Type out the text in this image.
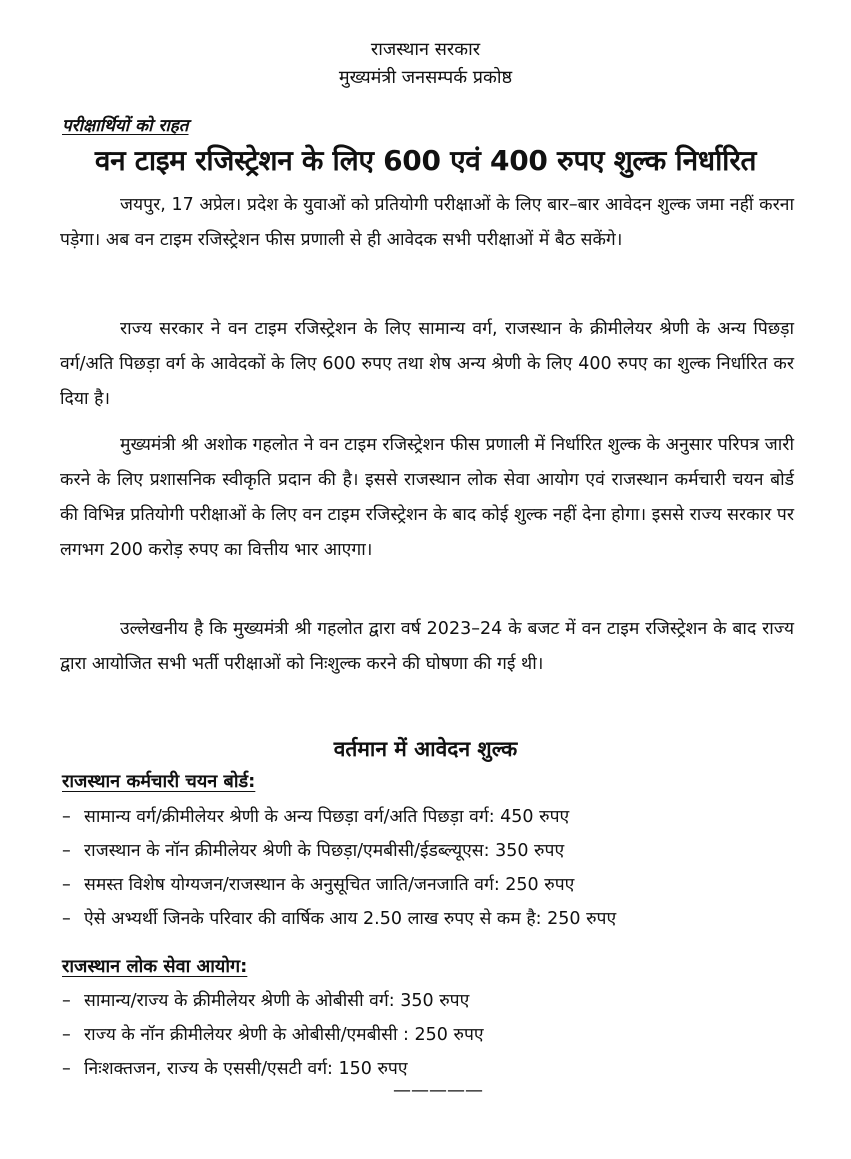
राजस्थान सरकार
मुख्यमंत्री जनसम्पर्क प्रकोष्ठ
परीक्षार्थियों को राहत
वन टाइम रजिस्ट्रेशन के लिए 600 एवं 400 रुपए शुल्क निर्धारित

जयपुर, 17 अप्रेल। प्रदेश के युवाओं को प्रतियोगी परीक्षाओं के लिए बार–बार आवेदन शुल्क जमा नहीं करना पड़ेगा। अब वन टाइम रजिस्ट्रेशन फीस प्रणाली से ही आवेदक सभी परीक्षाओं में बैठ सकेंगे।

राज्य सरकार ने वन टाइम रजिस्ट्रेशन के लिए सामान्य वर्ग, राजस्थान के क्रीमीलेयर श्रेणी के अन्य पिछड़ा वर्ग/अति पिछड़ा वर्ग के आवेदकों के लिए 600 रुपए तथा शेष अन्य श्रेणी के लिए 400 रुपए का शुल्क निर्धारित कर दिया है।

मुख्यमंत्री श्री अशोक गहलोत ने वन टाइम रजिस्ट्रेशन फीस प्रणाली में निर्धारित शुल्क के अनुसार परिपत्र जारी करने के लिए प्रशासनिक स्वीकृति प्रदान की है। इससे राजस्थान लोक सेवा आयोग एवं राजस्थान कर्मचारी चयन बोर्ड की विभिन्न प्रतियोगी परीक्षाओं के लिए वन टाइम रजिस्ट्रेशन के बाद कोई शुल्क नहीं देना होगा। इससे राज्य सरकार पर लगभग 200 करोड़ रुपए का वित्तीय भार आएगा।

उल्लेखनीय है कि मुख्यमंत्री श्री गहलोत द्वारा वर्ष 2023–24 के बजट में वन टाइम रजिस्ट्रेशन के बाद राज्य द्वारा आयोजित सभी भर्ती परीक्षाओं को निःशुल्क करने की घोषणा की गई थी।

वर्तमान में आवेदन शुल्क
राजस्थान कर्मचारी चयन बोर्ड:
– सामान्य वर्ग/क्रीमीलेयर श्रेणी के अन्य पिछड़ा वर्ग/अति पिछड़ा वर्ग: 450 रुपए
– राजस्थान के नॉन क्रीमीलेयर श्रेणी के पिछड़ा/एमबीसी/ईडब्ल्यूएस: 350 रुपए
– समस्त विशेष योग्यजन/राजस्थान के अनुसूचित जाति/जनजाति वर्ग: 250 रुपए
– ऐसे अभ्यर्थी जिनके परिवार की वार्षिक आय 2.50 लाख रुपए से कम है: 250 रुपए
राजस्थान लोक सेवा आयोग:
– सामान्य/राज्य के क्रीमीलेयर श्रेणी के ओबीसी वर्ग: 350 रुपए
– राज्य के नॉन क्रीमीलेयर श्रेणी के ओबीसी/एमबीसी : 250 रुपए
– निःशक्तजन, राज्य के एससी/एसटी वर्ग: 150 रुपए
—————
